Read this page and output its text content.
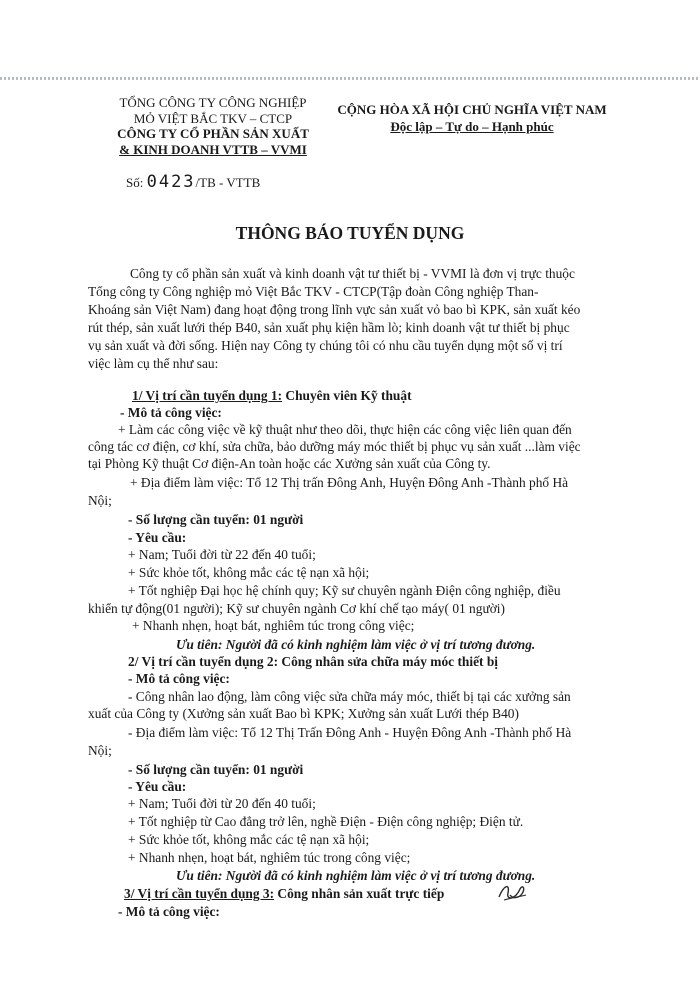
TỔNG CÔNG TY CÔNG NGHIỆP
MỎ VIỆT BẮC TKV – CTCP
CÔNG TY CỔ PHẦN SẢN XUẤT
& KINH DOANH VTTB – VVMI
CỘNG HÒA XÃ HỘI CHỦ NGHĨA VIỆT NAM
Độc lập – Tự do – Hạnh phúc
Số: 0423/TB - VTTB
THÔNG BÁO TUYỂN DỤNG
Công ty cổ phần sản xuất và kinh doanh vật tư thiết bị - VVMI là đơn vị trực thuộc
Tổng công ty Công nghiệp mỏ Việt Bắc TKV - CTCP(Tập đoàn Công nghiệp Than-
Khoáng sản Việt Nam) đang hoạt động trong lĩnh vực sản xuất vỏ bao bì KPK, sản xuất kéo
rút thép, sản xuất lưới thép B40, sản xuất phụ kiện hầm lò; kinh doanh vật tư thiết bị phục
vụ sản xuất và đời sống. Hiện nay Công ty chúng tôi có nhu cầu tuyển dụng một số vị trí
việc làm cụ thể như sau:
1/ Vị trí cần tuyển dụng 1: Chuyên viên Kỹ thuật
- Mô tả công việc:
+ Làm các công việc về kỹ thuật như theo dõi, thực hiện các công việc liên quan đến
công tác cơ điện, cơ khí, sửa chữa, bảo dưỡng máy móc thiết bị phục vụ sản xuất ...làm việc
tại Phòng Kỹ thuật Cơ điện-An toàn hoặc các Xưởng sản xuất của Công ty.
+ Địa điểm làm việc: Tổ 12 Thị trấn Đông Anh, Huyện Đông Anh -Thành phố Hà
Nội;
- Số lượng cần tuyển: 01 người
- Yêu cầu:
+ Nam; Tuổi đời từ 22 đến 40 tuổi;
+ Sức khỏe tốt, không mắc các tệ nạn xã hội;
+ Tốt nghiệp Đại học hệ chính quy; Kỹ sư chuyên ngành Điện công nghiệp, điều
khiển tự động(01 người); Kỹ sư chuyên ngành Cơ khí chế tạo máy( 01 người)
+ Nhanh nhẹn, hoạt bát, nghiêm túc trong công việc;
Ưu tiên: Người đã có kinh nghiệm làm việc ở vị trí tương đương.
2/ Vị trí cần tuyển dụng 2: Công nhân sửa chữa máy móc thiết bị
- Mô tả công việc:
- Công nhân lao động, làm công việc sửa chữa máy móc, thiết bị tại các xưởng sản
xuất của Công ty (Xưởng sản xuất Bao bì KPK; Xưởng sản xuất Lưới thép B40)
- Địa điểm làm việc: Tổ 12 Thị Trấn Đông Anh - Huyện Đông Anh -Thành phố Hà
Nội;
- Số lượng cần tuyển: 01 người
- Yêu cầu:
+ Nam; Tuổi đời từ 20 đến 40 tuổi;
+ Tốt nghiệp từ Cao đẳng trở lên, nghề Điện - Điện công nghiệp; Điện tử.
+ Sức khỏe tốt, không mắc các tệ nạn xã hội;
+ Nhanh nhẹn, hoạt bát, nghiêm túc trong công việc;
Ưu tiên: Người đã có kinh nghiệm làm việc ở vị trí tương đương.
3/ Vị trí cần tuyển dụng 3: Công nhân sản xuất trực tiếp
- Mô tả công việc:
